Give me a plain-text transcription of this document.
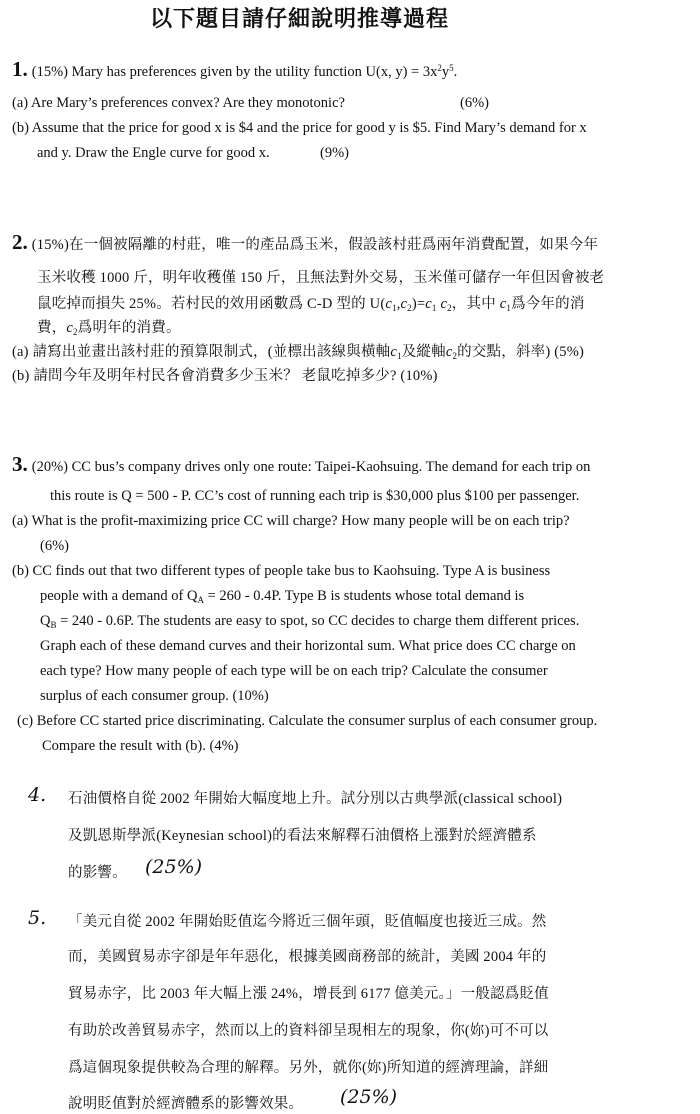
以下題目請仔細說明推導過程
1. (15%) Mary has preferences given by the utility function U(x, $y) = 3x^2y^5$.
(a) Are Mary’s preferences convex? Are they monotonic?	(6%)
(b) Assume that the price for good x is $4 and the price for good y is $5. Find Mary’s demand for x
and y. Draw the Engle curve for good x.	(9%)
2. (15%)在一個被隔離的村莊，唯一的產品爲玉米，假設該村莊爲兩年消費配置，如果今年
玉米收穫 1000 斤，明年收穫僅 150 斤，且無法對外交易，玉米僅可儲存一年但因會被老
鼠吃掉而損失 25%。若村民的效用函數爲 C-D 型的 $U(c_1,c_2)=c_1$ $c_2$，其中 $c_1$爲今年的消
費，$c_2$爲明年的消費。
(a) 請寫出並畫出該村莊的預算限制式，(並標出該線與橫軸$c_1$及縱軸$c_2$的交點，斜率) (5%)
(b) 請問今年及明年村民各會消費多少玉米？ 老鼠吃掉多少? (10%)
3. (20%) CC bus’s company drives only one route: Taipei-Kaohsuing. The demand for each trip on
this route is Q = 500 - P. CC’s cost of running each trip is $30,000 plus $100 per passenger.
(a) What is the profit-maximizing price CC will charge? How many people will be on each trip?
(6%)
(b) CC finds out that two different types of people take bus to Kaohsuing. Type A is business
people with a demand of $Q_A = 260 - 0.4P$. Type B is students whose total demand is
$Q_B = 240 - 0.6P$. The students are easy to spot, so CC decides to charge them different prices.
Graph each of these demand curves and their horizontal sum. What price does CC charge on
each type? How many people of each type will be on each trip? Calculate the consumer
surplus of each consumer group. (10%)
(c) Before CC started price discriminating. Calculate the consumer surplus of each consumer group.
Compare the result with (b). (4%)
4. 石油價格自從 2002 年開始大幅度地上升。試分別以古典學派(classical school)
及凱恩斯學派(Keynesian school)的看法來解釋石油價格上漲對於經濟體系
的影響。 (25%)
5. 「美元自從 2002 年開始貶值迄今將近三個年頭，貶值幅度也接近三成。然
而，美國貿易赤字卻是年年惡化，根據美國商務部的統計，美國 2004 年的
貿易赤字，比 2003 年大幅上漲 24%，增長到 6177 億美元。」一般認爲貶值
有助於改善貿易赤字，然而以上的資料卻呈現相左的現象，你(妳)可不可以
爲這個現象提供較為合理的解釋。另外，就你(妳)所知道的經濟理論，詳細
說明貶值對於經濟體系的影響效果。 (25%)
